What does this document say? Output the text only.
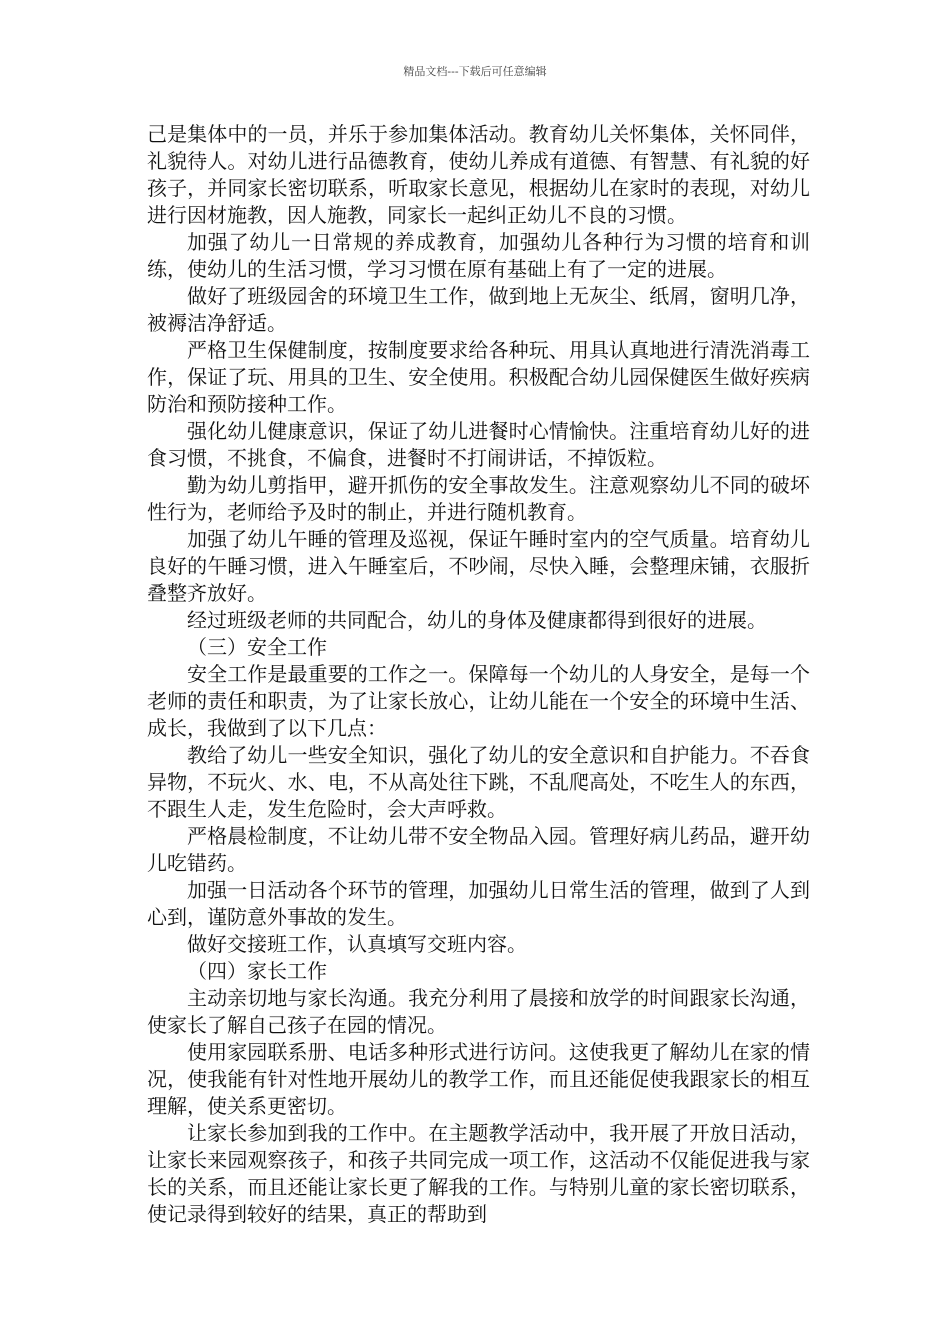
精品文档---下载后可任意编辑

己是集体中的一员，并乐于参加集体活动。教育幼儿关怀集体，关怀同伴，礼貌待人。对幼儿进行品德教育，使幼儿养成有道德、有智慧、有礼貌的好孩子，并同家长密切联系，听取家长意见，根据幼儿在家时的表现，对幼儿进行因材施教，因人施教，同家长一起纠正幼儿不良的习惯。

加强了幼儿一日常规的养成教育，加强幼儿各种行为习惯的培育和训练，使幼儿的生活习惯，学习习惯在原有基础上有了一定的进展。

做好了班级园舍的环境卫生工作，做到地上无灰尘、纸屑，窗明几净，被褥洁净舒适。

严格卫生保健制度，按制度要求给各种玩、用具认真地进行清洗消毒工作，保证了玩、用具的卫生、安全使用。积极配合幼儿园保健医生做好疾病防治和预防接种工作。

强化幼儿健康意识，保证了幼儿进餐时心情愉快。注重培育幼儿好的进食习惯，不挑食，不偏食，进餐时不打闹讲话，不掉饭粒。

勤为幼儿剪指甲，避开抓伤的安全事故发生。注意观察幼儿不同的破坏性行为，老师给予及时的制止，并进行随机教育。

加强了幼儿午睡的管理及巡视，保证午睡时室内的空气质量。培育幼儿良好的午睡习惯，进入午睡室后，不吵闹，尽快入睡，会整理床铺，衣服折叠整齐放好。

经过班级老师的共同配合，幼儿的身体及健康都得到很好的进展。

（三）安全工作

安全工作是最重要的工作之一。保障每一个幼儿的人身安全，是每一个老师的责任和职责，为了让家长放心，让幼儿能在一个安全的环境中生活、成长，我做到了以下几点：

教给了幼儿一些安全知识，强化了幼儿的安全意识和自护能力。不吞食异物，不玩火、水、电，不从高处往下跳，不乱爬高处，不吃生人的东西，不跟生人走，发生危险时，会大声呼救。

严格晨检制度，不让幼儿带不安全物品入园。管理好病儿药品，避开幼儿吃错药。

加强一日活动各个环节的管理，加强幼儿日常生活的管理，做到了人到心到，谨防意外事故的发生。

做好交接班工作，认真填写交班内容。

（四）家长工作

主动亲切地与家长沟通。我充分利用了晨接和放学的时间跟家长沟通，使家长了解自己孩子在园的情况。

使用家园联系册、电话多种形式进行访问。这使我更了解幼儿在家的情况，使我能有针对性地开展幼儿的教学工作，而且还能促使我跟家长的相互理解，使关系更密切。

让家长参加到我的工作中。在主题教学活动中，我开展了开放日活动，让家长来园观察孩子，和孩子共同完成一项工作，这活动不仅能促进我与家长的关系，而且还能让家长更了解我的工作。与特别儿童的家长密切联系，使记录得到较好的结果，真正的帮助到
